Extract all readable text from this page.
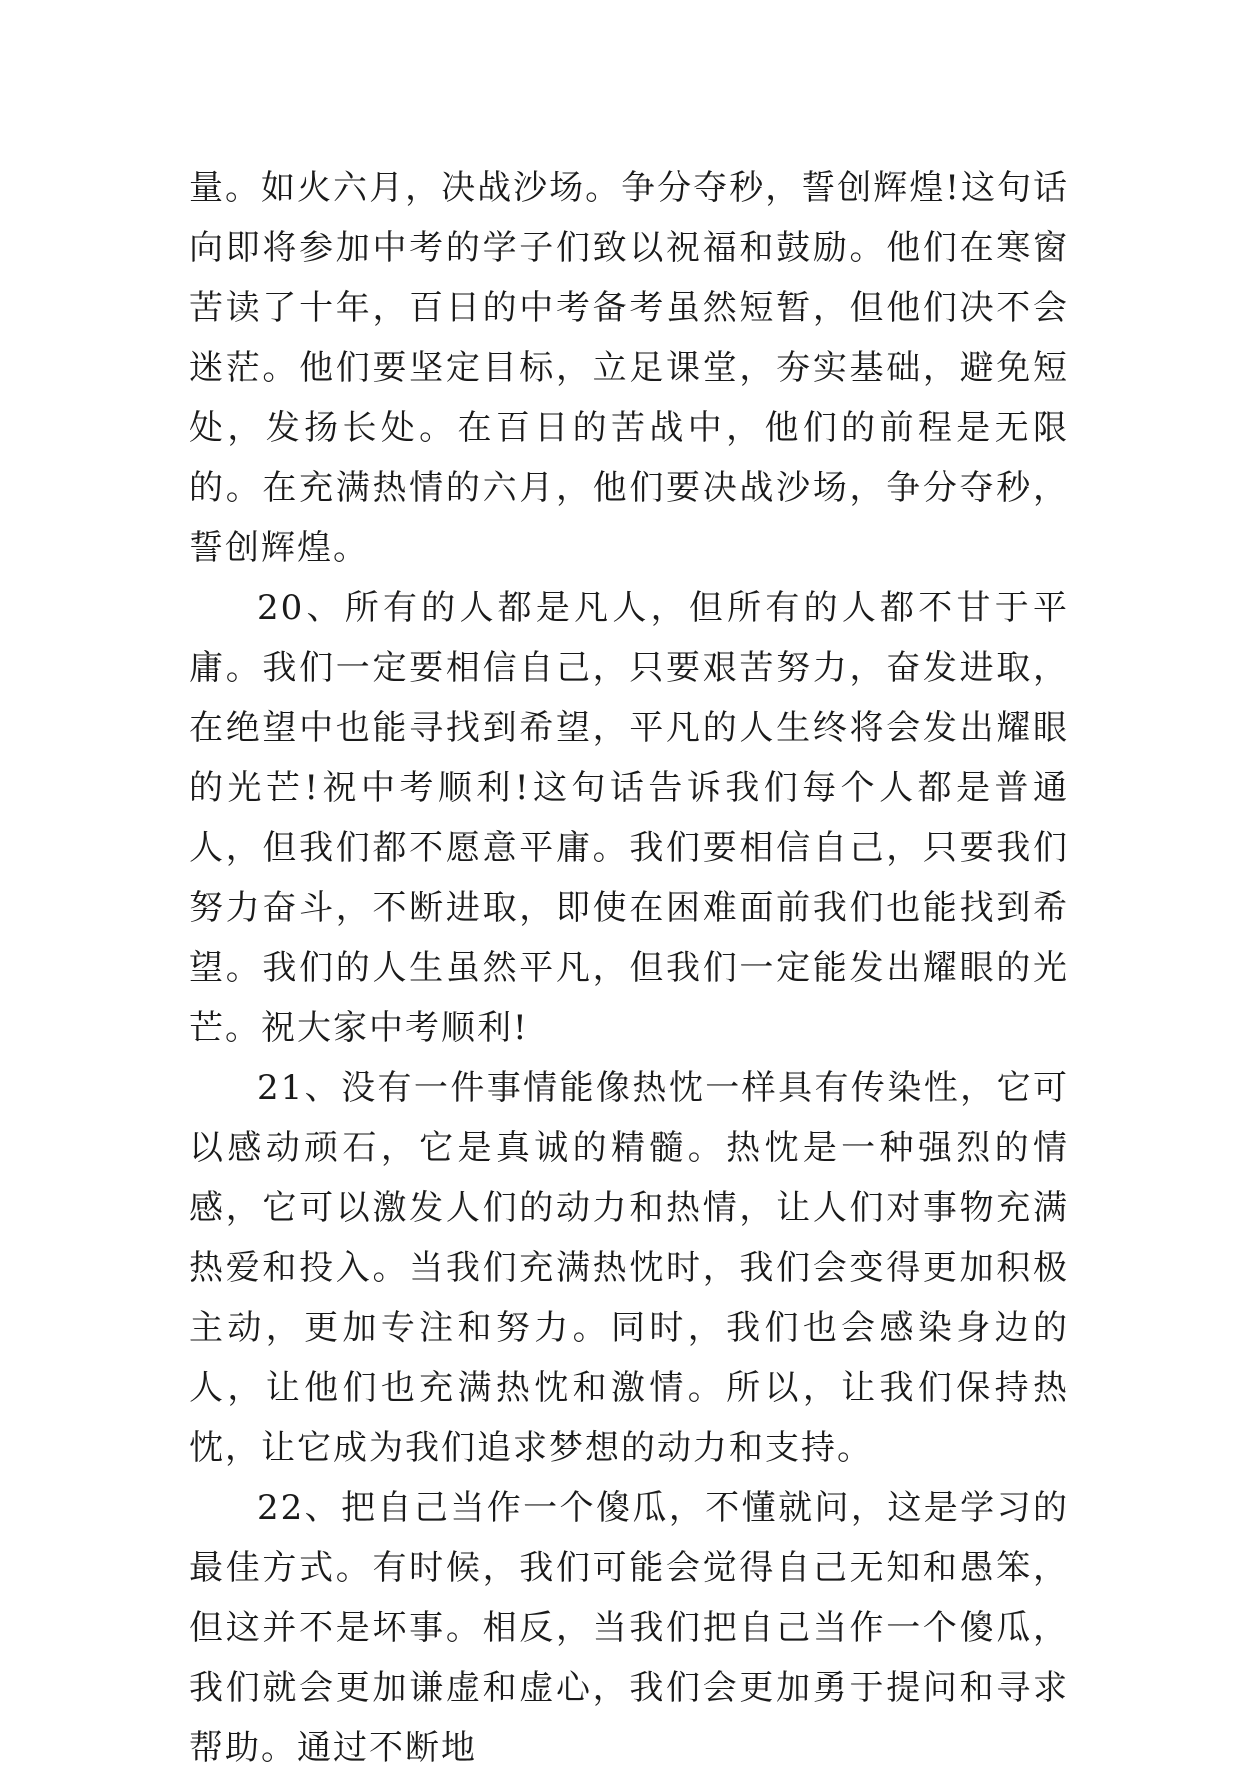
量。如火六月，决战沙场。争分夺秒，誓创辉煌!这句话向即将参加中考的学子们致以祝福和鼓励。他们在寒窗苦读了十年，百日的中考备考虽然短暂，但他们决不会迷茫。他们要坚定目标，立足课堂，夯实基础，避免短处，发扬长处。在百日的苦战中，他们的前程是无限的。在充满热情的六月，他们要决战沙场，争分夺秒，誓创辉煌。

20、所有的人都是凡人，但所有的人都不甘于平庸。我们一定要相信自己，只要艰苦努力，奋发进取，在绝望中也能寻找到希望，平凡的人生终将会发出耀眼的光芒!祝中考顺利!这句话告诉我们每个人都是普通人，但我们都不愿意平庸。我们要相信自己，只要我们努力奋斗，不断进取，即使在困难面前我们也能找到希望。我们的人生虽然平凡，但我们一定能发出耀眼的光芒。祝大家中考顺利!

21、没有一件事情能像热忱一样具有传染性，它可以感动顽石，它是真诚的精髓。热忱是一种强烈的情感，它可以激发人们的动力和热情，让人们对事物充满热爱和投入。当我们充满热忱时，我们会变得更加积极主动，更加专注和努力。同时，我们也会感染身边的人，让他们也充满热忱和激情。所以，让我们保持热忱，让它成为我们追求梦想的动力和支持。

22、把自己当作一个傻瓜，不懂就问，这是学习的最佳方式。有时候，我们可能会觉得自己无知和愚笨，但这并不是坏事。相反，当我们把自己当作一个傻瓜，我们就会更加谦虚和虚心，我们会更加勇于提问和寻求帮助。通过不断地
